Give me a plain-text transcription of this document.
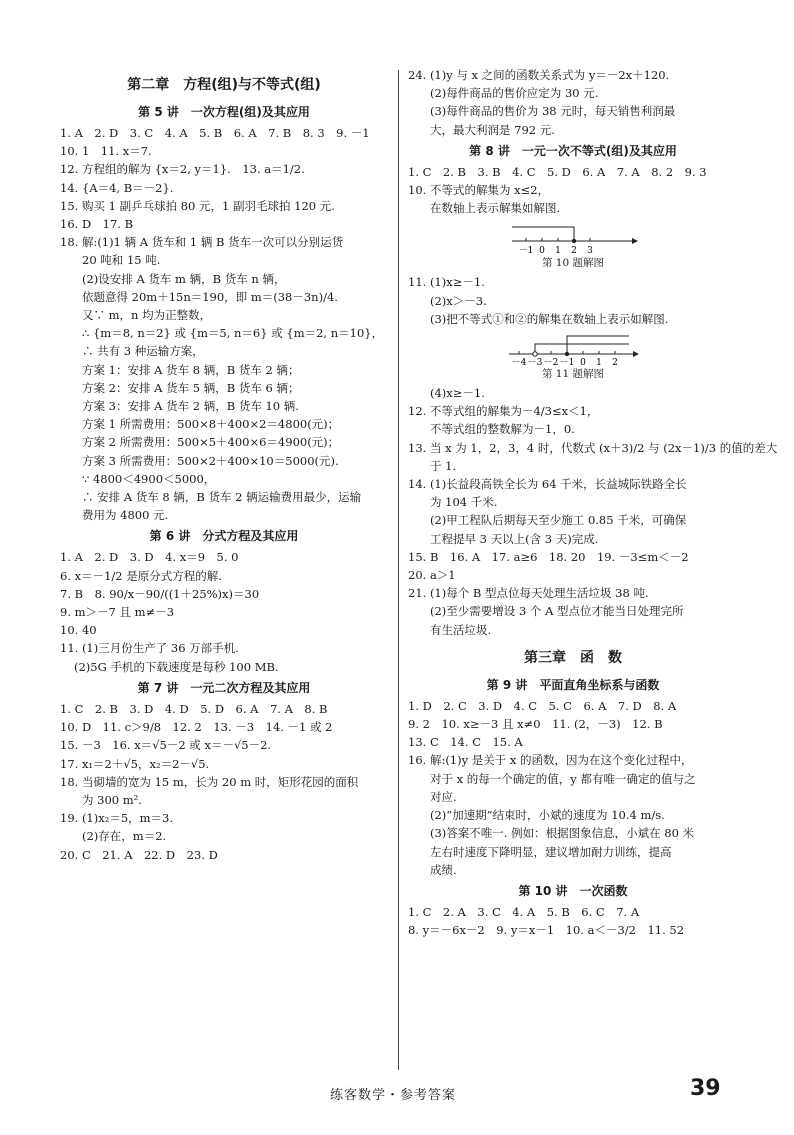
第二章　方程(组)与不等式(组)
第 5 讲　一次方程(组)及其应用

1. A　2. D　3. C　4. A　5. B　6. A　7. B　8. 3　9. －1

10. 1　11. x＝7.

12. 方程组的解为 {x＝2, y＝1}.　13. a＝1/2.

14. {A＝4, B＝－2}.

15. 购买 1 副乒乓球拍 80 元，1 副羽毛球拍 120 元.

16. D　17. B

18. 解:(1)1 辆 A 货车和 1 辆 B 货车一次可以分别运货

20 吨和 15 吨.

(2)设安排 A 货车 m 辆，B 货车 n 辆，

依题意得 20m＋15n＝190，即 m＝(38－3n)/4.

又∵ m，n 均为正整数，

∴ {m＝8, n＝2} 或 {m＝5, n＝6} 或 {m＝2, n＝10}，

∴ 共有 3 种运输方案，

方案 1：安排 A 货车 8 辆，B 货车 2 辆；

方案 2：安排 A 货车 5 辆，B 货车 6 辆；

方案 3：安排 A 货车 2 辆，B 货车 10 辆.

方案 1 所需费用：500×8＋400×2＝4800(元)；

方案 2 所需费用：500×5＋400×6＝4900(元)；

方案 3 所需费用：500×2＋400×10＝5000(元).

∵ 4800＜4900＜5000，

∴ 安排 A 货车 8 辆，B 货车 2 辆运输费用最少，运输

费用为 4800 元.

第 6 讲　分式方程及其应用

1. A　2. D　3. D　4. x＝9　5. 0

6. x＝－1/2 是原分式方程的解.

7. B　8. 90/x－90/((1＋25%)x)＝30

9. m＞－7 且 m≠－3

10. 40

11. (1)三月份生产了 36 万部手机.

(2)5G 手机的下载速度是每秒 100 MB.

第 7 讲　一元二次方程及其应用

1. C　2. B　3. D　4. D　5. D　6. A　7. A　8. B

10. D　11. c＞9/8　12. 2　13. －3　14. －1 或 2

15. －3　16. x＝√5－2 或 x＝－√5－2.

17. x₁＝2＋√5，x₂＝2－√5.

18. 当砌墙的宽为 15 m，长为 20 m 时，矩形花园的面积

为 300 m².

19. (1)x₂＝5，m＝3.

(2)存在，m＝2.

20. C　21. A　22. D　23. D

24. (1)y 与 x 之间的函数关系式为 y＝－2x＋120.

(2)每件商品的售价应定为 30 元.

(3)每件商品的售价为 38 元时，每天销售利润最

大，最大利润是 792 元.

第 8 讲　一元一次不等式(组)及其应用

1. C　2. B　3. B　4. C　5. D　6. A　7. A　8. 2　9. 3

10. 不等式的解集为 x≤2，

在数轴上表示解集如解图.

－1 0 1 2 3
第 10 题解图

11. (1)x≥－1.

(2)x＞－3.

(3)把不等式①和②的解集在数轴上表示如解图.

－4 －3 －2 －1 0 1 2
第 11 题解图

(4)x≥－1.

12. 不等式组的解集为－4/3≤x＜1，

不等式组的整数解为－1，0.

13. 当 x 为 1，2，3，4 时，代数式 (x＋3)/2 与 (2x－1)/3 的值的差大

于 1.

14. (1)长益段高铁全长为 64 千米，长益城际铁路全长

为 104 千米.

(2)甲工程队后期每天至少施工 0.85 千米，可确保

工程提早 3 天以上(含 3 天)完成.

15. B　16. A　17. a≥6　18. 20　19. －3≤m＜－2

20. a＞1

21. (1)每个 B 型点位每天处理生活垃圾 38 吨.

(2)至少需要增设 3 个 A 型点位才能当日处理完所

有生活垃圾.

第三章　函　数
第 9 讲　平面直角坐标系与函数

1. D　2. C　3. D　4. C　5. C　6. A　7. D　8. A

9. 2　10. x≥－3 且 x≠0　11. (2，－3)　12. B

13. C　14. C　15. A

16. 解:(1)y 是关于 x 的函数，因为在这个变化过程中，

对于 x 的每一个确定的值，y 都有唯一确定的值与之

对应.

(2)“加速期”结束时，小斌的速度为 10.4 m/s.

(3)答案不唯一. 例如：根据图象信息，小斌在 80 米

左右时速度下降明显，建议增加耐力训练，提高

成绩.

第 10 讲　一次函数

1. C　2. A　3. C　4. A　5. B　6. C　7. A

8. y＝－6x－2　9. y＝x－1　10. a＜－3/2　11. 52

练客数学・参考答案	39
